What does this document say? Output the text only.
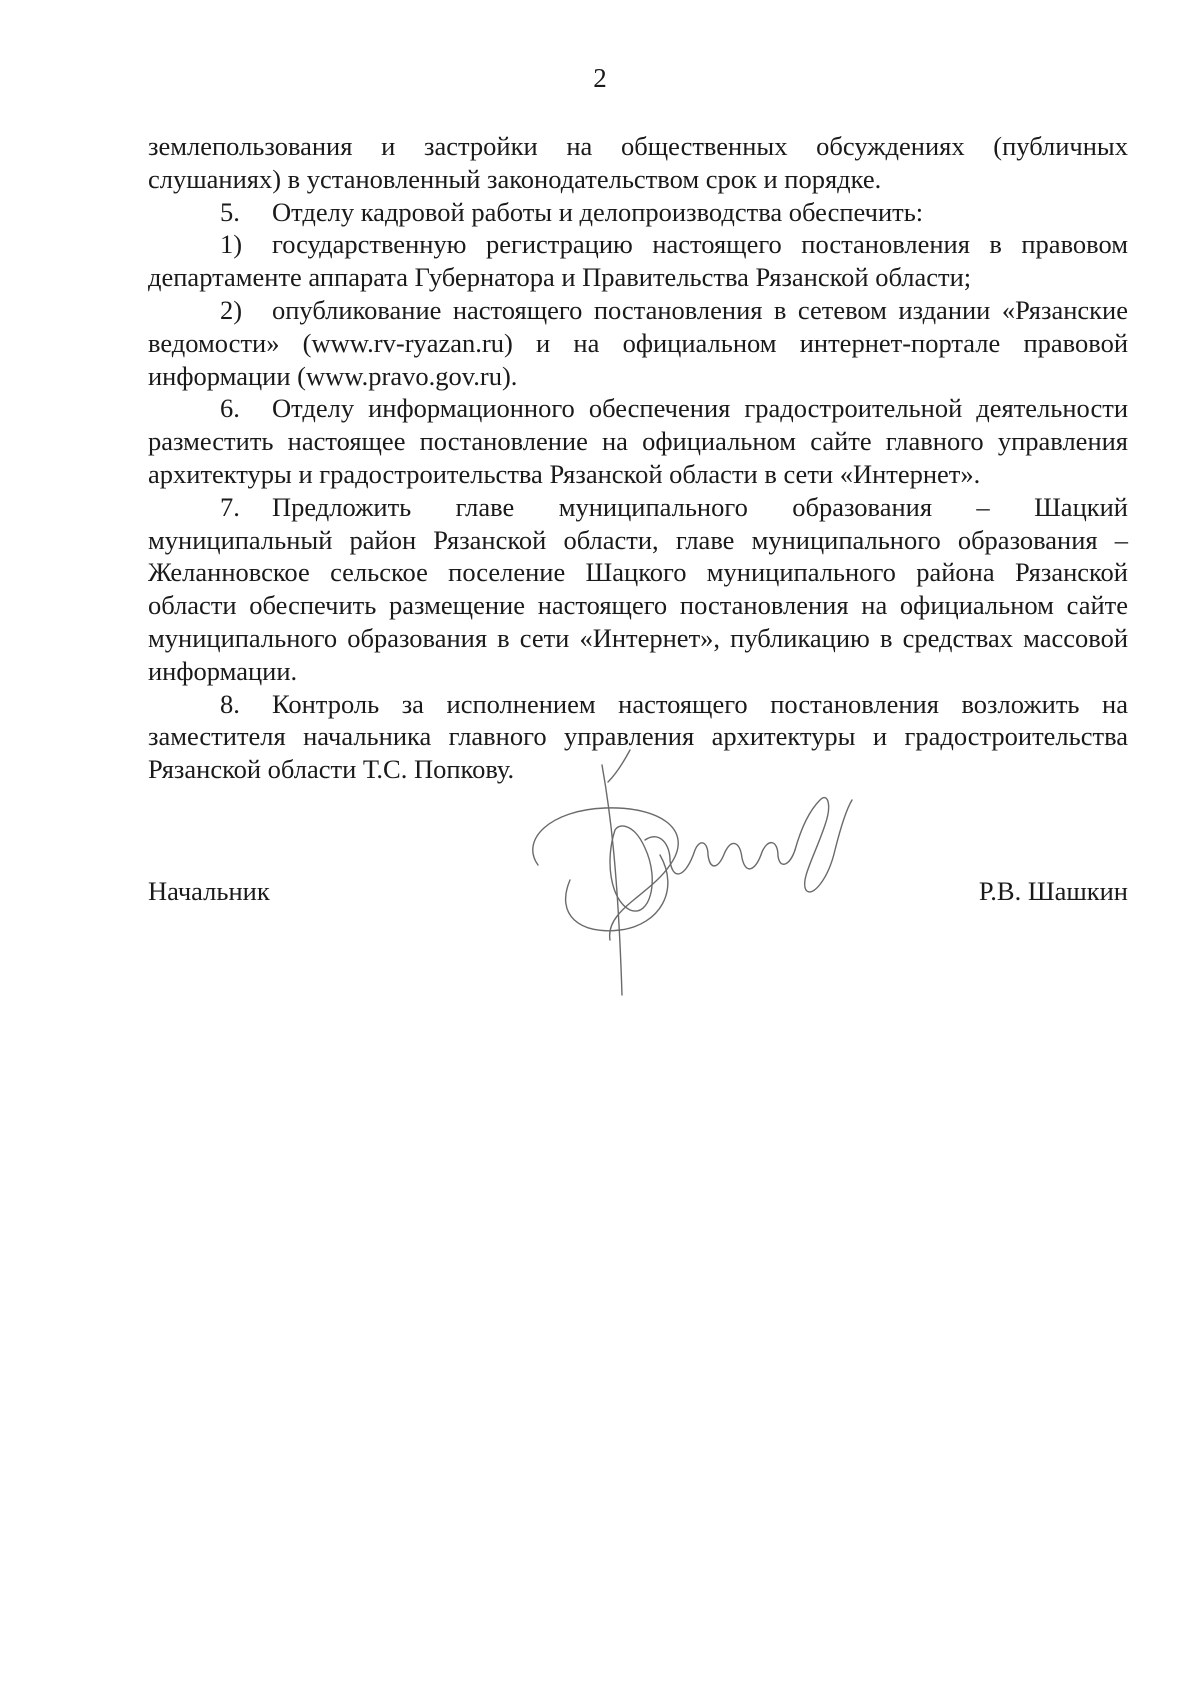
2

землепользования и застройки на общественных обсуждениях (публичных слушаниях) в установленный законодательством срок и порядке.

5. Отделу кадровой работы и делопроизводства обеспечить:

1) государственную регистрацию настоящего постановления в правовом департаменте аппарата Губернатора и Правительства Рязанской области;

2) опубликование настоящего постановления в сетевом издании «Рязанские ведомости» (www.rv-ryazan.ru) и на официальном интернет-портале правовой информации (www.pravo.gov.ru).

6. Отделу информационного обеспечения градостроительной деятельности разместить настоящее постановление на официальном сайте главного управления архитектуры и градостроительства Рязанской области в сети «Интернет».

7. Предложить главе муниципального образования – Шацкий муниципальный район Рязанской области, главе муниципального образования – Желанновское сельское поселение Шацкого муниципального района Рязанской области обеспечить размещение настоящего постановления на официальном сайте муниципального образования в сети «Интернет», публикацию в средствах массовой информации.

8. Контроль за исполнением настоящего постановления возложить на заместителя начальника главного управления архитектуры и градостроительства Рязанской области Т.С. Попкову.

Начальник	Р.В. Шашкин
